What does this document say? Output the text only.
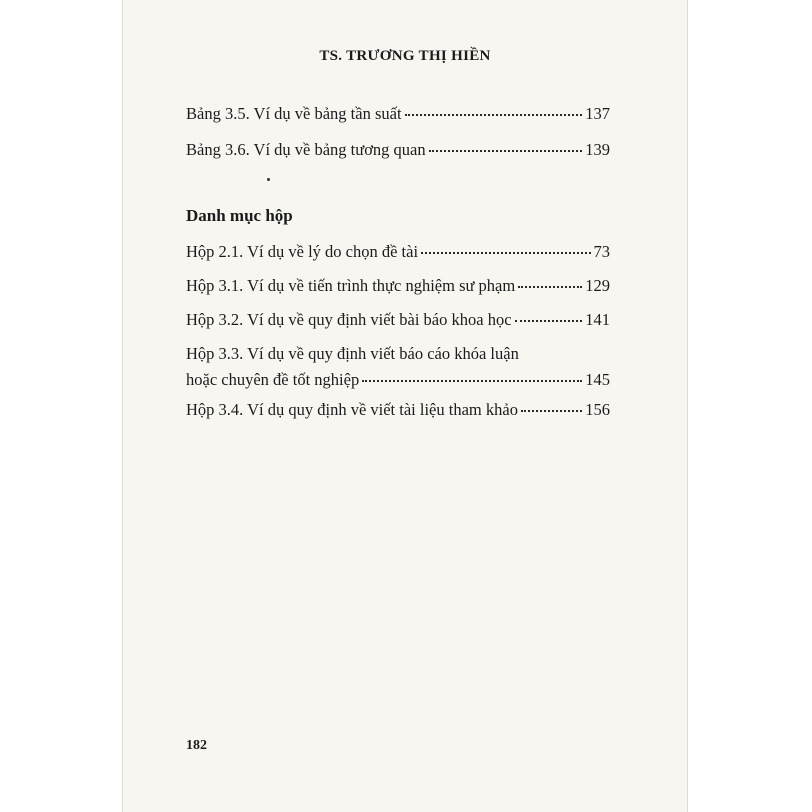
TS. TRƯƠNG THỊ HIỀN
Bảng 3.5. Ví dụ về bảng tần suất	137
Bảng 3.6. Ví dụ về bảng tương quan	139
Danh mục hộp
Hộp 2.1. Ví dụ về lý do chọn đề tài	73
Hộp 3.1. Ví dụ về tiến trình thực nghiệm sư phạm	129
Hộp 3.2. Ví dụ về quy định viết bài báo khoa học	141
Hộp 3.3. Ví dụ về quy định viết báo cáo khóa luận
hoặc chuyên đề tốt nghiệp	145
Hộp 3.4. Ví dụ quy định về viết tài liệu tham khảo	156
182
